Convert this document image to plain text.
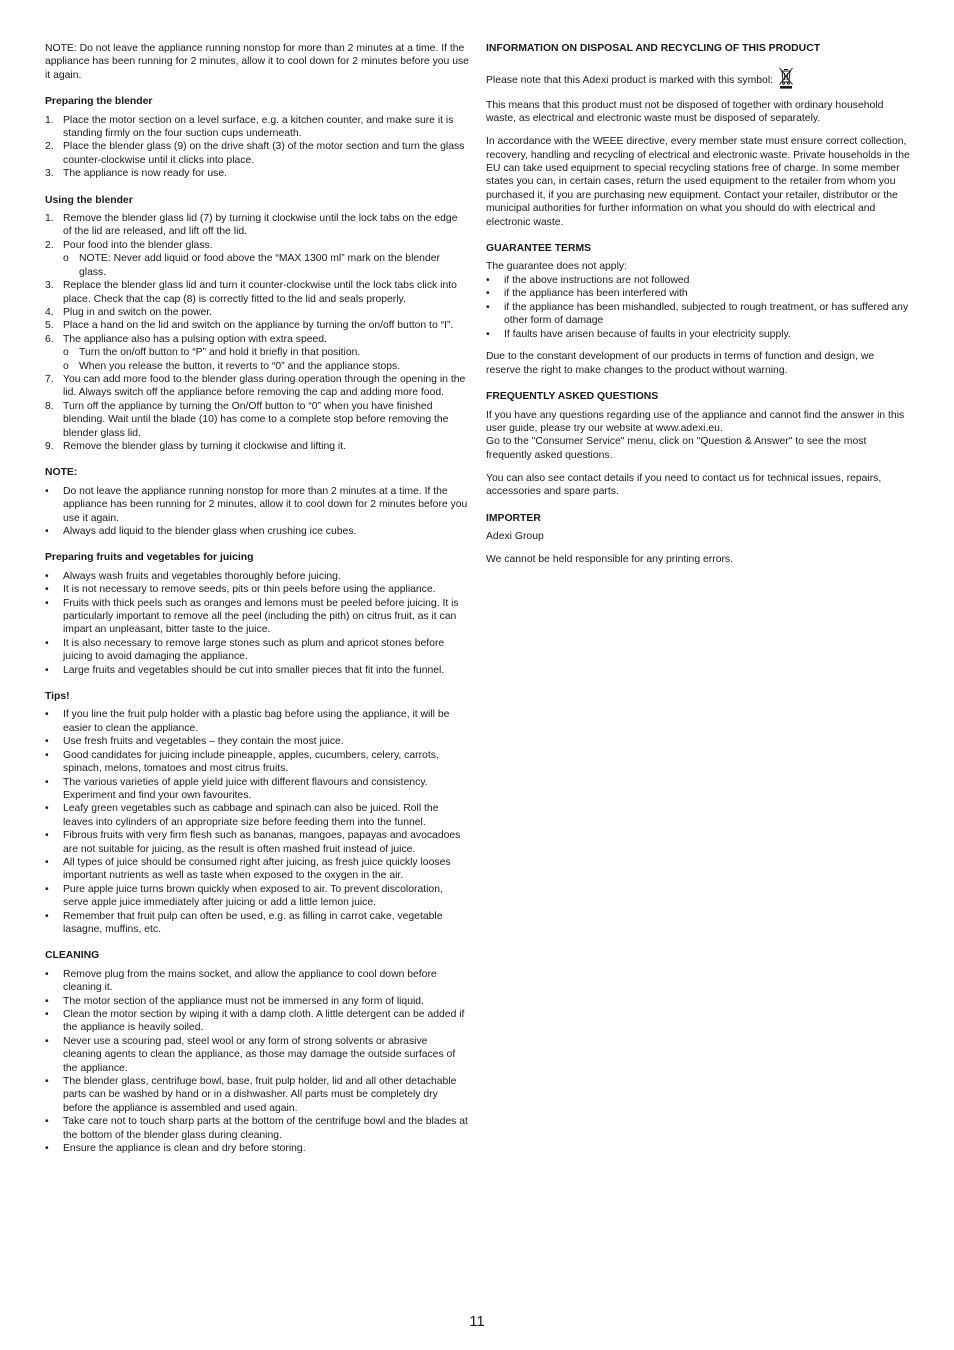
NOTE: Do not leave the appliance running nonstop for more than 2 minutes at a time. If the appliance has been running for 2 minutes, allow it to cool down for 2 minutes before you use it again.

Preparing the blender
1. Place the motor section on a level surface, e.g. a kitchen counter, and make sure it is standing firmly on the four suction cups underneath.
2. Place the blender glass (9) on the drive shaft (3) of the motor section and turn the glass counter-clockwise until it clicks into place.
3. The appliance is now ready for use.
Using the blender
1. Remove the blender glass lid (7) by turning it clockwise until the lock tabs on the edge of the lid are released, and lift off the lid.
2. Pour food into the blender glass.
o NOTE: Never add liquid or food above the “MAX 1300 ml” mark on the blender glass.
3. Replace the blender glass lid and turn it counter-clockwise until the lock tabs click into place. Check that the cap (8) is correctly fitted to the lid and seals properly.
4. Plug in and switch on the power.
5. Place a hand on the lid and switch on the appliance by turning the on/off button to “I”.
6. The appliance also has a pulsing option with extra speed.
o Turn the on/off button to “P” and hold it briefly in that position.
o When you release the button, it reverts to “0” and the appliance stops.
7. You can add more food to the blender glass during operation through the opening in the lid. Always switch off the appliance before removing the cap and adding more food.
8. Turn off the appliance by turning the On/Off button to “0” when you have finished blending. Wait until the blade (10) has come to a complete stop before removing the blender glass lid.
9. Remove the blender glass by turning it clockwise and lifting it.
NOTE:
• Do not leave the appliance running nonstop for more than 2 minutes at a time. If the appliance has been running for 2 minutes, allow it to cool down for 2 minutes before you use it again.
• Always add liquid to the blender glass when crushing ice cubes.
Preparing fruits and vegetables for juicing
• Always wash fruits and vegetables thoroughly before juicing.
• It is not necessary to remove seeds, pits or thin peels before using the appliance.
• Fruits with thick peels such as oranges and lemons must be peeled before juicing. It is particularly important to remove all the peel (including the pith) on citrus fruit, as it can impart an unpleasant, bitter taste to the juice.
• It is also necessary to remove large stones such as plum and apricot stones before juicing to avoid damaging the appliance.
• Large fruits and vegetables should be cut into smaller pieces that fit into the funnel.
Tips!
• If you line the fruit pulp holder with a plastic bag before using the appliance, it will be easier to clean the appliance.
• Use fresh fruits and vegetables – they contain the most juice.
• Good candidates for juicing include pineapple, apples, cucumbers, celery, carrots, spinach, melons, tomatoes and most citrus fruits.
• The various varieties of apple yield juice with different flavours and consistency. Experiment and find your own favourites.
• Leafy green vegetables such as cabbage and spinach can also be juiced. Roll the leaves into cylinders of an appropriate size before feeding them into the funnel.
• Fibrous fruits with very firm flesh such as bananas, mangoes, papayas and avocadoes are not suitable for juicing, as the result is often mashed fruit instead of juice.
• All types of juice should be consumed right after juicing, as fresh juice quickly looses important nutrients as well as taste when exposed to the oxygen in the air.
• Pure apple juice turns brown quickly when exposed to air. To prevent discoloration, serve apple juice immediately after juicing or add a little lemon juice.
• Remember that fruit pulp can often be used, e.g. as filling in carrot cake, vegetable lasagne, muffins, etc.
CLEANING
• Remove plug from the mains socket, and allow the appliance to cool down before cleaning it.
• The motor section of the appliance must not be immersed in any form of liquid.
• Clean the motor section by wiping it with a damp cloth. A little detergent can be added if the appliance is heavily soiled.
• Never use a scouring pad, steel wool or any form of strong solvents or abrasive cleaning agents to clean the appliance, as those may damage the outside surfaces of the appliance.
• The blender glass, centrifuge bowl, base, fruit pulp holder, lid and all other detachable parts can be washed by hand or in a dishwasher. All parts must be completely dry before the appliance is assembled and used again.
• Take care not to touch sharp parts at the bottom of the centrifuge bowl and the blades at the bottom of the blender glass during cleaning.
• Ensure the appliance is clean and dry before storing.
INFORMATION ON DISPOSAL AND RECYCLING OF THIS PRODUCT

Please note that this Adexi product is marked with this symbol:

This means that this product must not be disposed of together with ordinary household waste, as electrical and electronic waste must be disposed of separately.

In accordance with the WEEE directive, every member state must ensure correct collection, recovery, handling and recycling of electrical and electronic waste. Private households in the EU can take used equipment to special recycling stations free of charge. In some member states you can, in certain cases, return the used equipment to the retailer from whom you purchased it, if you are purchasing new equipment. Contact your retailer, distributor or the municipal authorities for further information on what you should do with electrical and electronic waste.

GUARANTEE TERMS
The guarantee does not apply:
• if the above instructions are not followed
• if the appliance has been interfered with
• if the appliance has been mishandled, subjected to rough treatment, or has suffered any other form of damage
• If faults have arisen because of faults in your electricity supply.

Due to the constant development of our products in terms of function and design, we reserve the right to make changes to the product without warning.

FREQUENTLY ASKED QUESTIONS

If you have any questions regarding use of the appliance and cannot find the answer in this user guide, please try our website at www.adexi.eu.
Go to the "Consumer Service" menu, click on "Question & Answer" to see the most frequently asked questions.

You can also see contact details if you need to contact us for technical issues, repairs, accessories and spare parts.

IMPORTER

Adexi Group

We cannot be held responsible for any printing errors.

11
